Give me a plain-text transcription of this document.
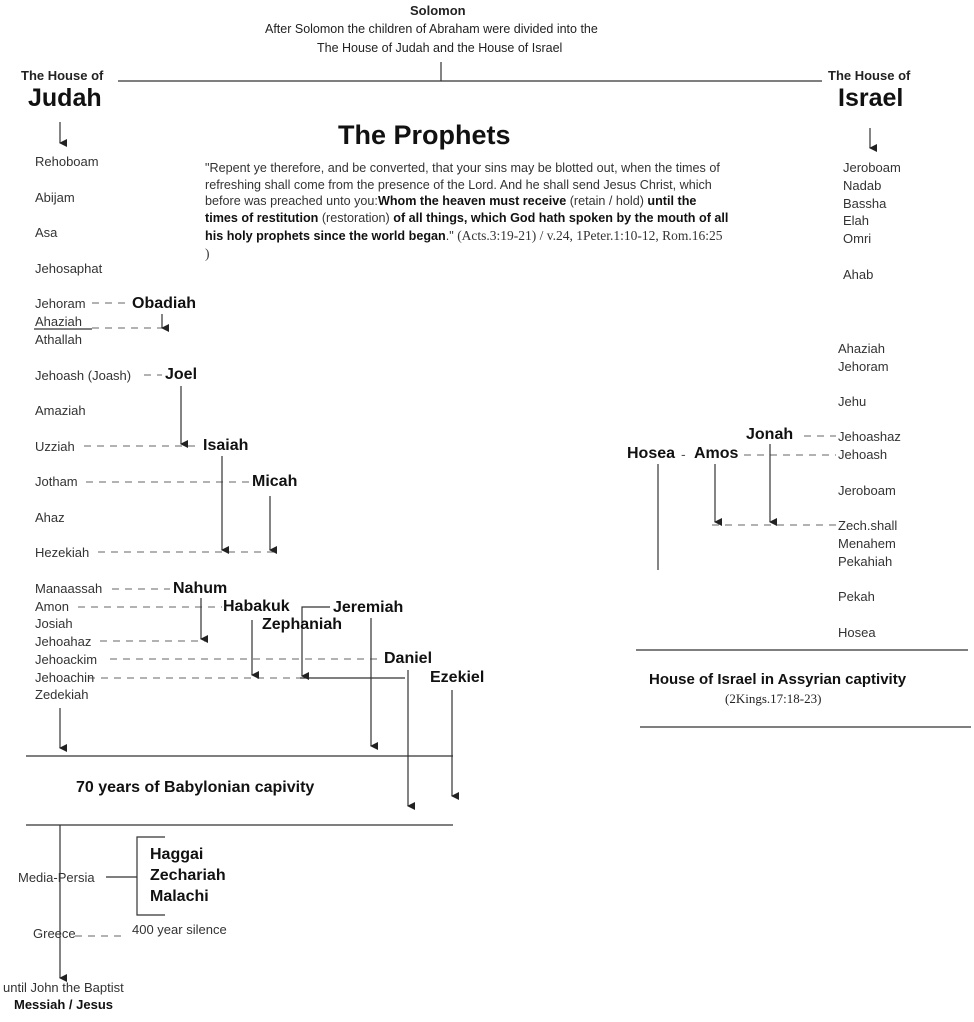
Solomon
After Solomon the children of Abraham were divided into the
The House of Judah and the House of Israel
The House of
Judah
The House of
Israel
The Prophets
"Repent ye therefore, and be converted, that your sins may be blotted out, when the times of refreshing shall come from the presence of the Lord. And he shall send Jesus Christ, which before was preached unto you:Whom the heaven must receive (retain / hold) until the times of restitution (restoration) of all things, which God hath spoken by the mouth of all his holy prophets since the world began." (Acts.3:19-21) / v.24, 1Peter.1:10-12, Rom.16:25 )
Rehoboam
Abijam
Asa
Jehosaphat
Jehoram
Ahaziah
Athallah
Jehoash (Joash)
Amaziah
Uzziah
Jotham
Ahaz
Hezekiah
Manaassah
Amon
Josiah
Jehoahaz
Jehoackim
Jehoachin
Zedekiah
Jeroboam
Nadab
Bassha
Elah
Omri
Ahab
Ahaziah
Jehoram
Jehu
Jehoashaz
Jehoash
Jeroboam
Zech.shall
Menahem
Pekahiah
Pekah
Hosea
Obadiah
Joel
Isaiah
Micah
Nahum
Habakuk
Zephaniah
Jeremiah
Daniel
Ezekiel
Jonah
Hosea - Amos
70 years of Babylonian capivity
House of Israel in Assyrian captivity
(2Kings.17:18-23)
Media-Persia
Haggai
Zechariah
Malachi
Greece	400 year silence
until John the Baptist
Messiah / Jesus
